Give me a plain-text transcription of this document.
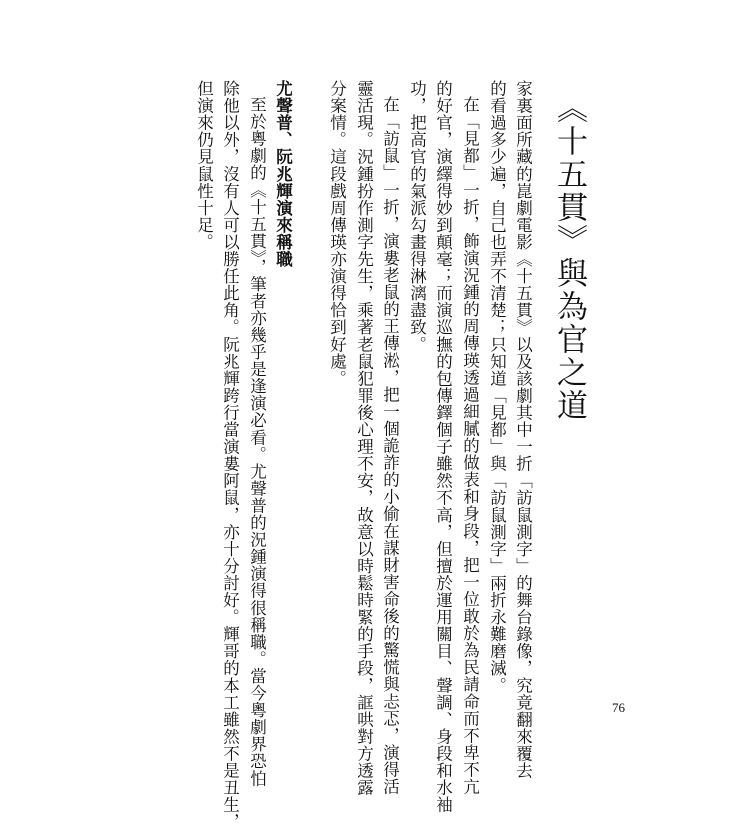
《十五貫》與為官之道
家裏面所藏的崑劇電影《十五貫》以及該劇其中一折「訪鼠測字」的舞台錄像，究竟翻來覆去
的看過多少遍，自己也弄不清楚；只知道「見都」與「訪鼠測字」兩折永難磨滅。
在「見都」一折，飾演況鍾的周傳瑛透過細膩的做表和身段，把一位敢於為民請命而不卑不亢
的好官，演繹得妙到顛毫；而演巡撫的包傳鐸個子雖然不高，但擅於運用關目、聲調、身段和水袖
功，把高官的氣派勾畫得淋漓盡致。
在「訪鼠」一折，演婁老鼠的王傳淞，把一個詭詐的小偷在謀財害命後的驚慌與忐忑，演得活
靈活現。況鍾扮作測字先生，乘著老鼠犯罪後心理不安，故意以時鬆時緊的手段，誆哄對方透露
分案情。這段戲周傳瑛亦演得恰到好處。
尤聲普、阮兆輝演來稱職
至於粵劇的《十五貫》，筆者亦幾乎是逢演必看。尤聲普的況鍾演得很稱職。當今粵劇界恐怕
除他以外，沒有人可以勝任此角。阮兆輝跨行當演婁阿鼠，亦十分討好。輝哥的本工雖然不是丑生，
但演來仍見鼠性十足。
76
